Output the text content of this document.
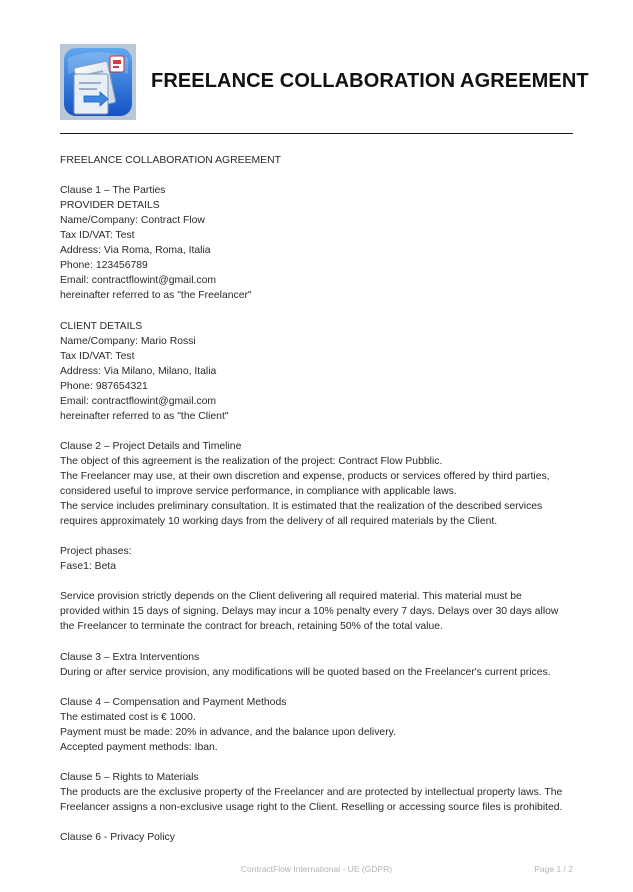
FREELANCE COLLABORATION AGREEMENT
FREELANCE COLLABORATION AGREEMENT
Clause 1 – The Parties
PROVIDER DETAILS
Name/Company: Contract Flow
Tax ID/VAT: Test
Address: Via Roma, Roma, Italia
Phone: 123456789
Email: contractflowint@gmail.com
hereinafter referred to as "the Freelancer"
CLIENT DETAILS
Name/Company: Mario Rossi
Tax ID/VAT: Test
Address: Via Milano, Milano, Italia
Phone: 987654321
Email: contractflowint@gmail.com
hereinafter referred to as "the Client"
Clause 2 – Project Details and Timeline
The object of this agreement is the realization of the project: Contract Flow Pubblic.
The Freelancer may use, at their own discretion and expense, products or services offered by third parties,
considered useful to improve service performance, in compliance with applicable laws.
The service includes preliminary consultation. It is estimated that the realization of the described services
requires approximately 10 working days from the delivery of all required materials by the Client.
Project phases:
Fase1: Beta
Service provision strictly depends on the Client delivering all required material. This material must be
provided within 15 days of signing. Delays may incur a 10% penalty every 7 days. Delays over 30 days allow
the Freelancer to terminate the contract for breach, retaining 50% of the total value.
Clause 3 – Extra Interventions
During or after service provision, any modifications will be quoted based on the Freelancer's current prices.
Clause 4 – Compensation and Payment Methods
The estimated cost is € 1000.
Payment must be made: 20% in advance, and the balance upon delivery.
Accepted payment methods: Iban.
Clause 5 – Rights to Materials
The products are the exclusive property of the Freelancer and are protected by intellectual property laws. The
Freelancer assigns a non-exclusive usage right to the Client. Reselling or accessing source files is prohibited.
Clause 6 - Privacy Policy
ContractFlow International - UE (GDPR)	Page 1 / 2
